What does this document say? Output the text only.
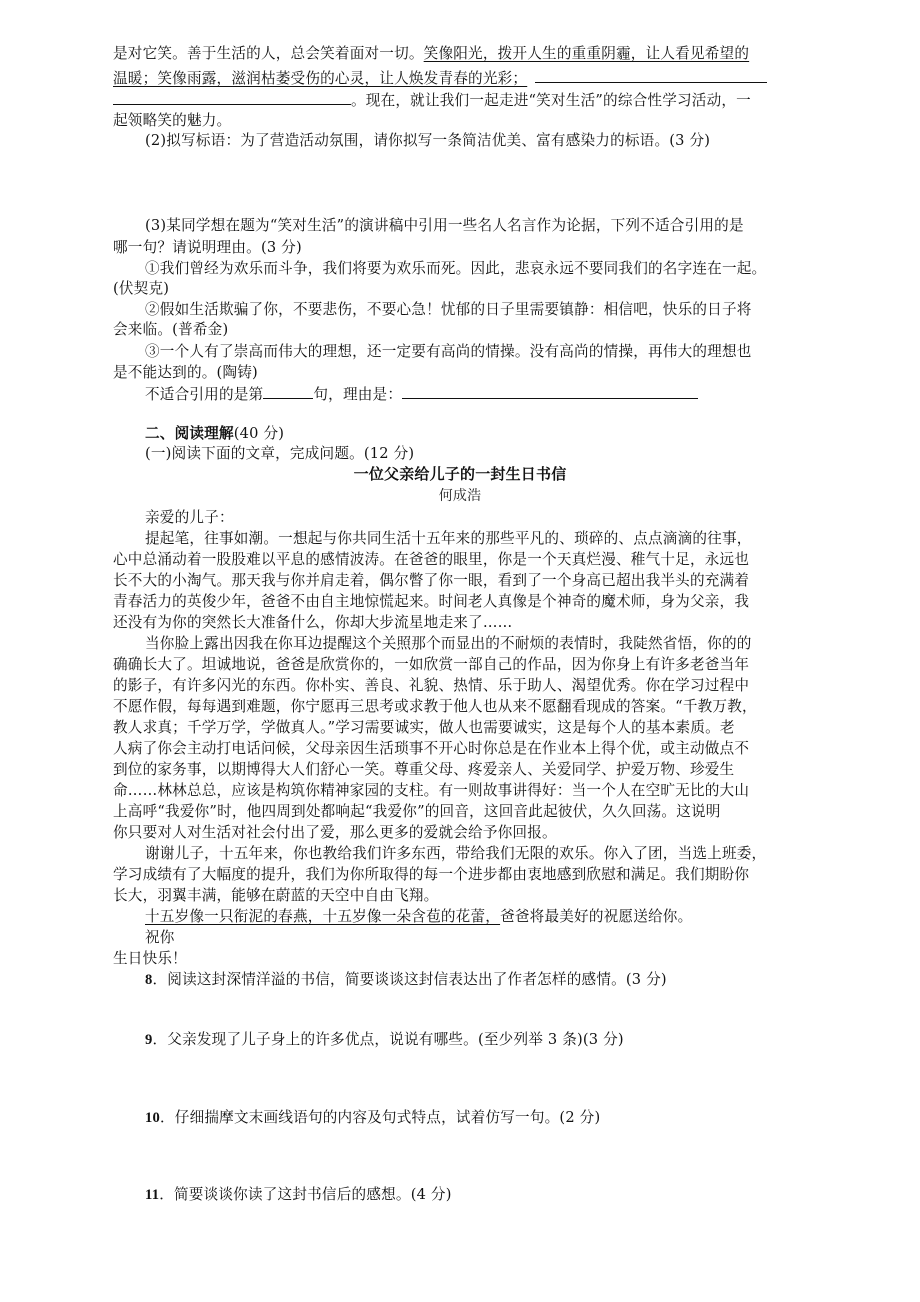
是对它笑。善于生活的人，总会笑着面对一切。笑像阳光，拨开人生的重重阴霾，让人看见希望的
温暖；笑像雨露，滋润枯萎受伤的心灵，让人焕发青春的光彩；
。现在，就让我们一起走进“笑对生活”的综合性学习活动，一
起领略笑的魅力。
(2)拟写标语：为了营造活动氛围，请你拟写一条简洁优美、富有感染力的标语。(3 分)
(3)某同学想在题为“笑对生活”的演讲稿中引用一些名人名言作为论据，下列不适合引用的是
哪一句？请说明理由。(3 分)
①我们曾经为欢乐而斗争，我们将要为欢乐而死。因此，悲哀永远不要同我们的名字连在一起。
(伏契克)
②假如生活欺骗了你，不要悲伤，不要心急！忧郁的日子里需要镇静：相信吧，快乐的日子将
会来临。(普希金)
③一个人有了崇高而伟大的理想，还一定要有高尚的情操。没有高尚的情操，再伟大的理想也
是不能达到的。(陶铸)
不适合引用的是第	句，理由是：
二、阅读理解(40 分)
(一)阅读下面的文章，完成问题。(12 分)
一位父亲给儿子的一封生日书信
何成浩
亲爱的儿子：
提起笔，往事如潮。一想起与你共同生活十五年来的那些平凡的、琐碎的、点点滴滴的往事，
心中总涌动着一股股难以平息的感情波涛。在爸爸的眼里，你是一个天真烂漫、稚气十足，永远也
长不大的小淘气。那天我与你并肩走着，偶尔瞥了你一眼，看到了一个身高已超出我半头的充满着
青春活力的英俊少年，爸爸不由自主地惊慌起来。时间老人真像是个神奇的魔术师，身为父亲，我
还没有为你的突然长大准备什么，你却大步流星地走来了……
当你脸上露出因我在你耳边提醒这个关照那个而显出的不耐烦的表情时，我陡然省悟，你的的
确确长大了。坦诚地说，爸爸是欣赏你的，一如欣赏一部自己的作品，因为你身上有许多老爸当年
的影子，有许多闪光的东西。你朴实、善良、礼貌、热情、乐于助人、渴望优秀。你在学习过程中
不愿作假，每每遇到难题，你宁愿再三思考或求教于他人也从来不愿翻看现成的答案。“千教万教，
教人求真；千学万学，学做真人。”学习需要诚实，做人也需要诚实，这是每个人的基本素质。老
人病了你会主动打电话问候，父母亲因生活琐事不开心时你总是在作业本上得个优，或主动做点不
到位的家务事，以期博得大人们舒心一笑。尊重父母、疼爱亲人、关爱同学、护爱万物、珍爱生
命……林林总总，应该是构筑你精神家园的支柱。有一则故事讲得好：当一个人在空旷无比的大山
上高呼“我爱你”时，他四周到处都响起“我爱你”的回音，这回音此起彼伏，久久回荡。这说明
你只要对人对生活对社会付出了爱，那么更多的爱就会给予你回报。
谢谢儿子，十五年来，你也教给我们许多东西，带给我们无限的欢乐。你入了团，当选上班委，
学习成绩有了大幅度的提升，我们为你所取得的每一个进步都由衷地感到欣慰和满足。我们期盼你
长大，羽翼丰满，能够在蔚蓝的天空中自由飞翔。
十五岁像一只衔泥的春燕，十五岁像一朵含苞的花蕾，爸爸将最美好的祝愿送给你。
祝你
生日快乐！
8．阅读这封深情洋溢的书信，简要谈谈这封信表达出了作者怎样的感情。(3 分)
9．父亲发现了儿子身上的许多优点，说说有哪些。(至少列举 3 条)(3 分)
10．仔细揣摩文末画线语句的内容及句式特点，试着仿写一句。(2 分)
11．简要谈谈你读了这封书信后的感想。(4 分)
